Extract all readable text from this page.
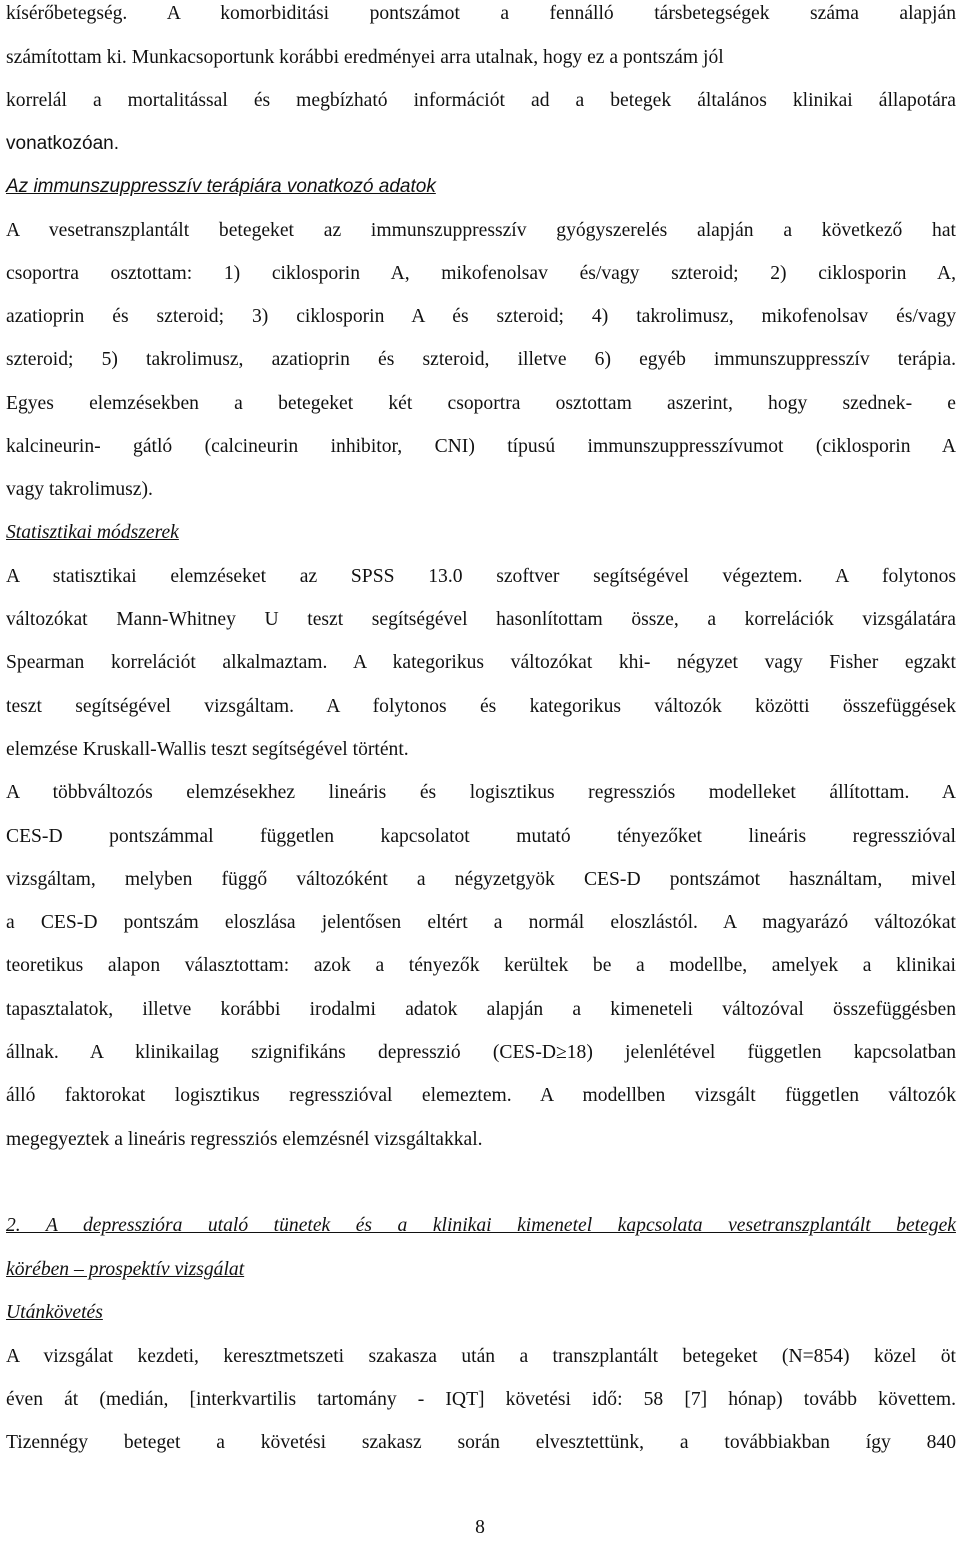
kísérőbetegség. A komorbiditási pontszámot a fennálló társbetegségek száma alapján
számítottam ki. Munkacsoportunk korábbi eredményei arra utalnak, hogy ez a pontszám jól
korrelál a mortalitással és megbízható információt ad a betegek általános klinikai állapotára
vonatkozóan.
Az immunszuppresszív terápiára vonatkozó adatok
A vesetranszplantált betegeket az immunszuppresszív gyógyszerelés alapján a következő hat
csoportra osztottam: 1) ciklosporin A, mikofenolsav és/vagy szteroid; 2) ciklosporin A,
azatioprin és szteroid; 3) ciklosporin A és szteroid; 4) takrolimusz, mikofenolsav és/vagy
szteroid; 5) takrolimusz, azatioprin és szteroid, illetve 6) egyéb immunszuppresszív terápia.
Egyes elemzésekben a betegeket két csoportra osztottam aszerint, hogy szednek- e
kalcineurin- gátló (calcineurin inhibitor, CNI) típusú immunszuppresszívumot (ciklosporin A
vagy takrolimusz).
Statisztikai módszerek
A statisztikai elemzéseket az SPSS 13.0 szoftver segítségével végeztem. A folytonos
változókat Mann-Whitney U teszt segítségével hasonlítottam össze, a korrelációk vizsgálatára
Spearman korrelációt alkalmaztam. A kategorikus változókat khi- négyzet vagy Fisher egzakt
teszt segítségével vizsgáltam. A folytonos és kategorikus változók közötti összefüggések
elemzése Kruskall-Wallis teszt segítségével történt.
A többváltozós elemzésekhez lineáris és logisztikus regressziós modelleket állítottam. A
CES-D pontszámmal független kapcsolatot mutató tényezőket lineáris regresszióval
vizsgáltam, melyben függő változóként a négyzetgyök CES-D pontszámot használtam, mivel
a CES-D pontszám eloszlása jelentősen eltért a normál eloszlástól. A magyarázó változókat
teoretikus alapon választottam: azok a tényezők kerültek be a modellbe, amelyek a klinikai
tapasztalatok, illetve korábbi irodalmi adatok alapján a kimeneteli változóval összefüggésben
állnak. A klinikailag szignifikáns depresszió (CES-D≥18) jelenlétével független kapcsolatban
álló faktorokat logisztikus regresszióval elemeztem. A modellben vizsgált független változók
megegyeztek a lineáris regressziós elemzésnél vizsgáltakkal.
2. A depresszióra utaló tünetek és a klinikai kimenetel kapcsolata vesetranszplantált betegek
körében – prospektív vizsgálat
Utánkövetés
A vizsgálat kezdeti, keresztmetszeti szakasza után a transzplantált betegeket (N=854) közel öt
éven át (medián, [interkvartilis tartomány - IQT] követési idő: 58 [7] hónap) tovább követtem.
Tizennégy beteget a követési szakasz során elvesztettünk, a továbbiakban így 840
8
